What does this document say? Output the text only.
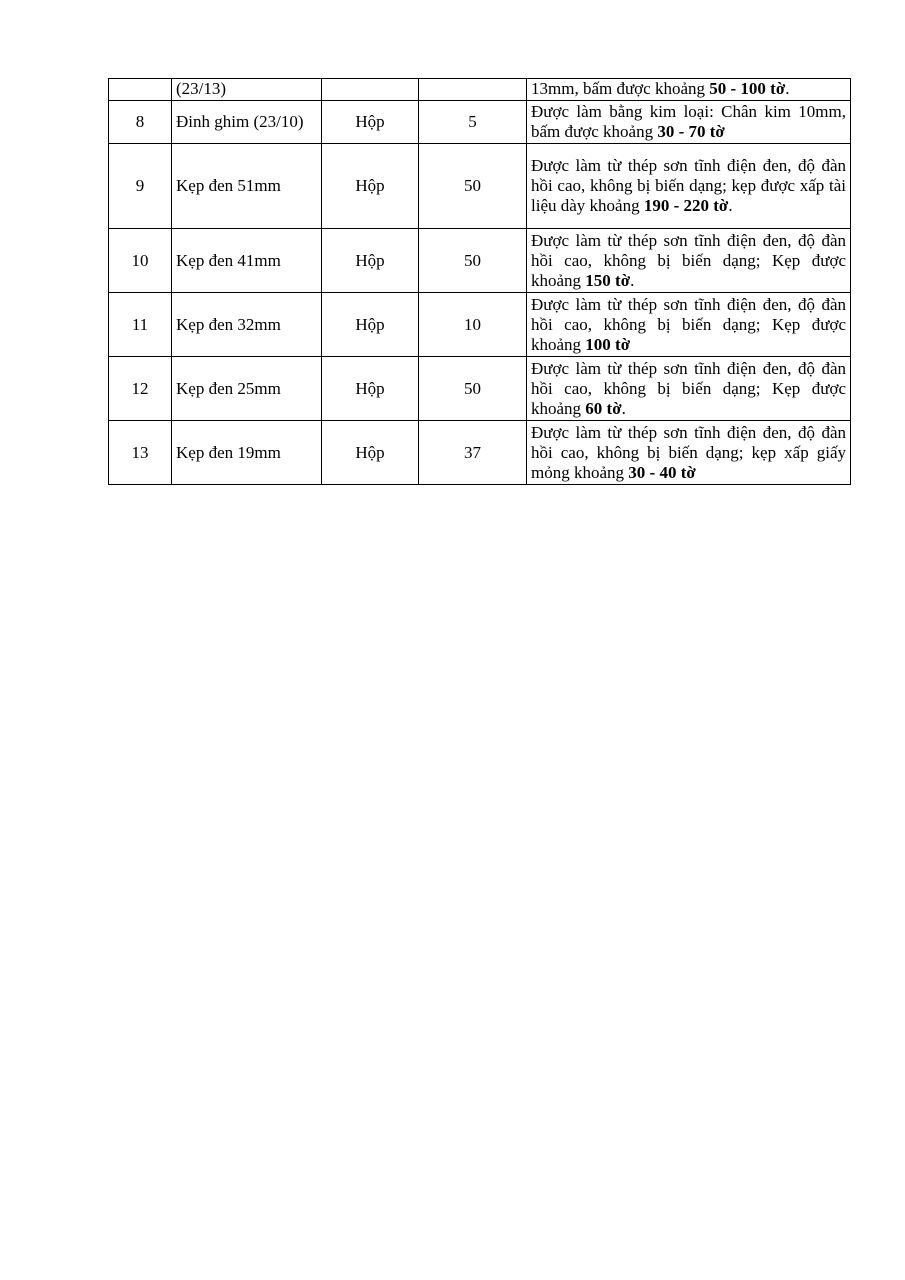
	(23/13)			13mm, bấm được khoảng 50 - 100 tờ.
8	Đinh ghim (23/10)	Hộp	5	Được làm bằng kim loại: Chân kim 10mm, bấm được khoảng 30 - 70 tờ
9	Kẹp đen 51mm	Hộp	50	Được làm từ thép sơn tĩnh điện đen, độ đàn hồi cao, không bị biến dạng; kẹp được xấp tài liệu dày khoảng 190 - 220 tờ.
10	Kẹp đen 41mm	Hộp	50	Được làm từ thép sơn tĩnh điện đen, độ đàn hồi cao, không bị biến dạng; Kẹp được khoảng 150 tờ.
11	Kẹp đen 32mm	Hộp	10	Được làm từ thép sơn tĩnh điện đen, độ đàn hồi cao, không bị biến dạng; Kẹp được khoảng 100 tờ
12	Kẹp đen 25mm	Hộp	50	Được làm từ thép sơn tĩnh điện đen, độ đàn hồi cao, không bị biến dạng; Kẹp được khoảng 60 tờ.
13	Kẹp đen 19mm	Hộp	37	Được làm từ thép sơn tĩnh điện đen, độ đàn hồi cao, không bị biến dạng; kẹp xấp giấy mỏng khoảng 30 - 40 tờ
